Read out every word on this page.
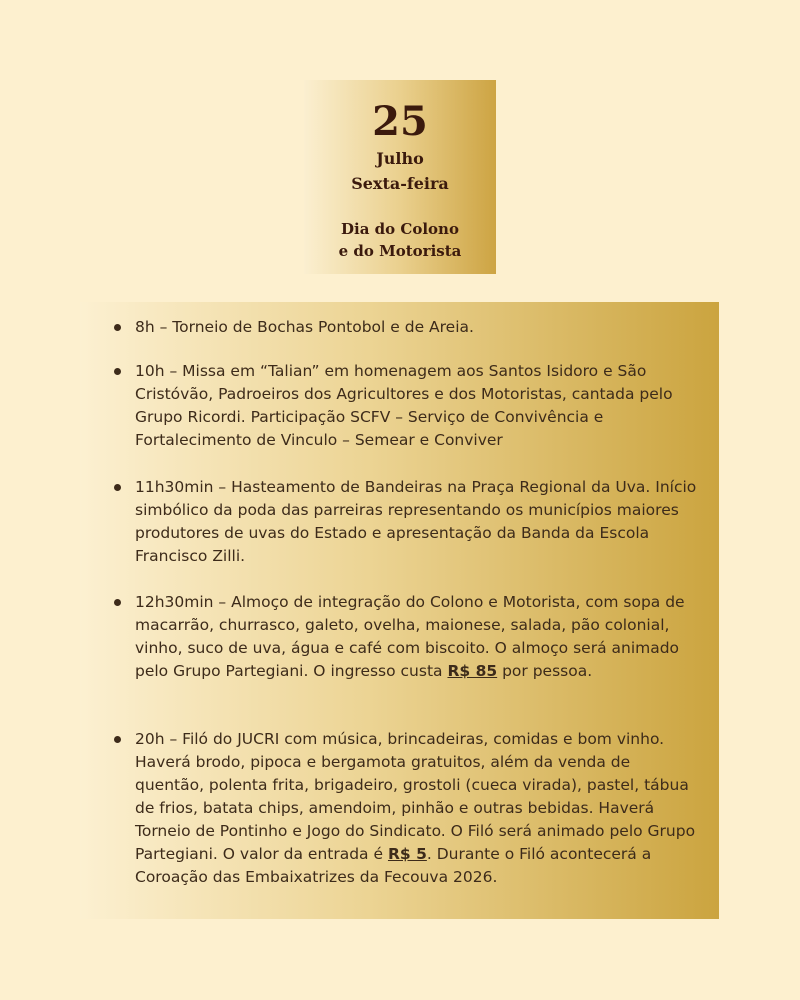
25
Julho
Sexta-feira
Dia do Colono
e do Motorista
8h – Torneio de Bochas Pontobol e de Areia.
10h – Missa em “Talian” em homenagem aos Santos Isidoro e São Cristóvão, Padroeiros dos Agricultores e dos Motoristas, cantada pelo Grupo Ricordi. Participação SCFV – Serviço de Convivência e Fortalecimento de Vinculo – Semear e Conviver
11h30min – Hasteamento de Bandeiras na Praça Regional da Uva. Início simbólico da poda das parreiras representando os municípios maiores produtores de uvas do Estado e apresentação da Banda da Escola Francisco Zilli.
12h30min – Almoço de integração do Colono e Motorista, com sopa de macarrão, churrasco, galeto, ovelha, maionese, salada, pão colonial, vinho, suco de uva, água e café com biscoito. O almoço será animado pelo Grupo Partegiani. O ingresso custa R$ 85 por pessoa.
20h – Filó do JUCRI com música, brincadeiras, comidas e bom vinho. Haverá brodo, pipoca e bergamota gratuitos, além da venda de quentão, polenta frita, brigadeiro, grostoli (cueca virada), pastel, tábua de frios, batata chips, amendoim, pinhão e outras bebidas. Haverá Torneio de Pontinho e Jogo do Sindicato. O Filó será animado pelo Grupo Partegiani. O valor da entrada é R$ 5. Durante o Filó acontecerá a Coroação das Embaixatrizes da Fecouva 2026.
